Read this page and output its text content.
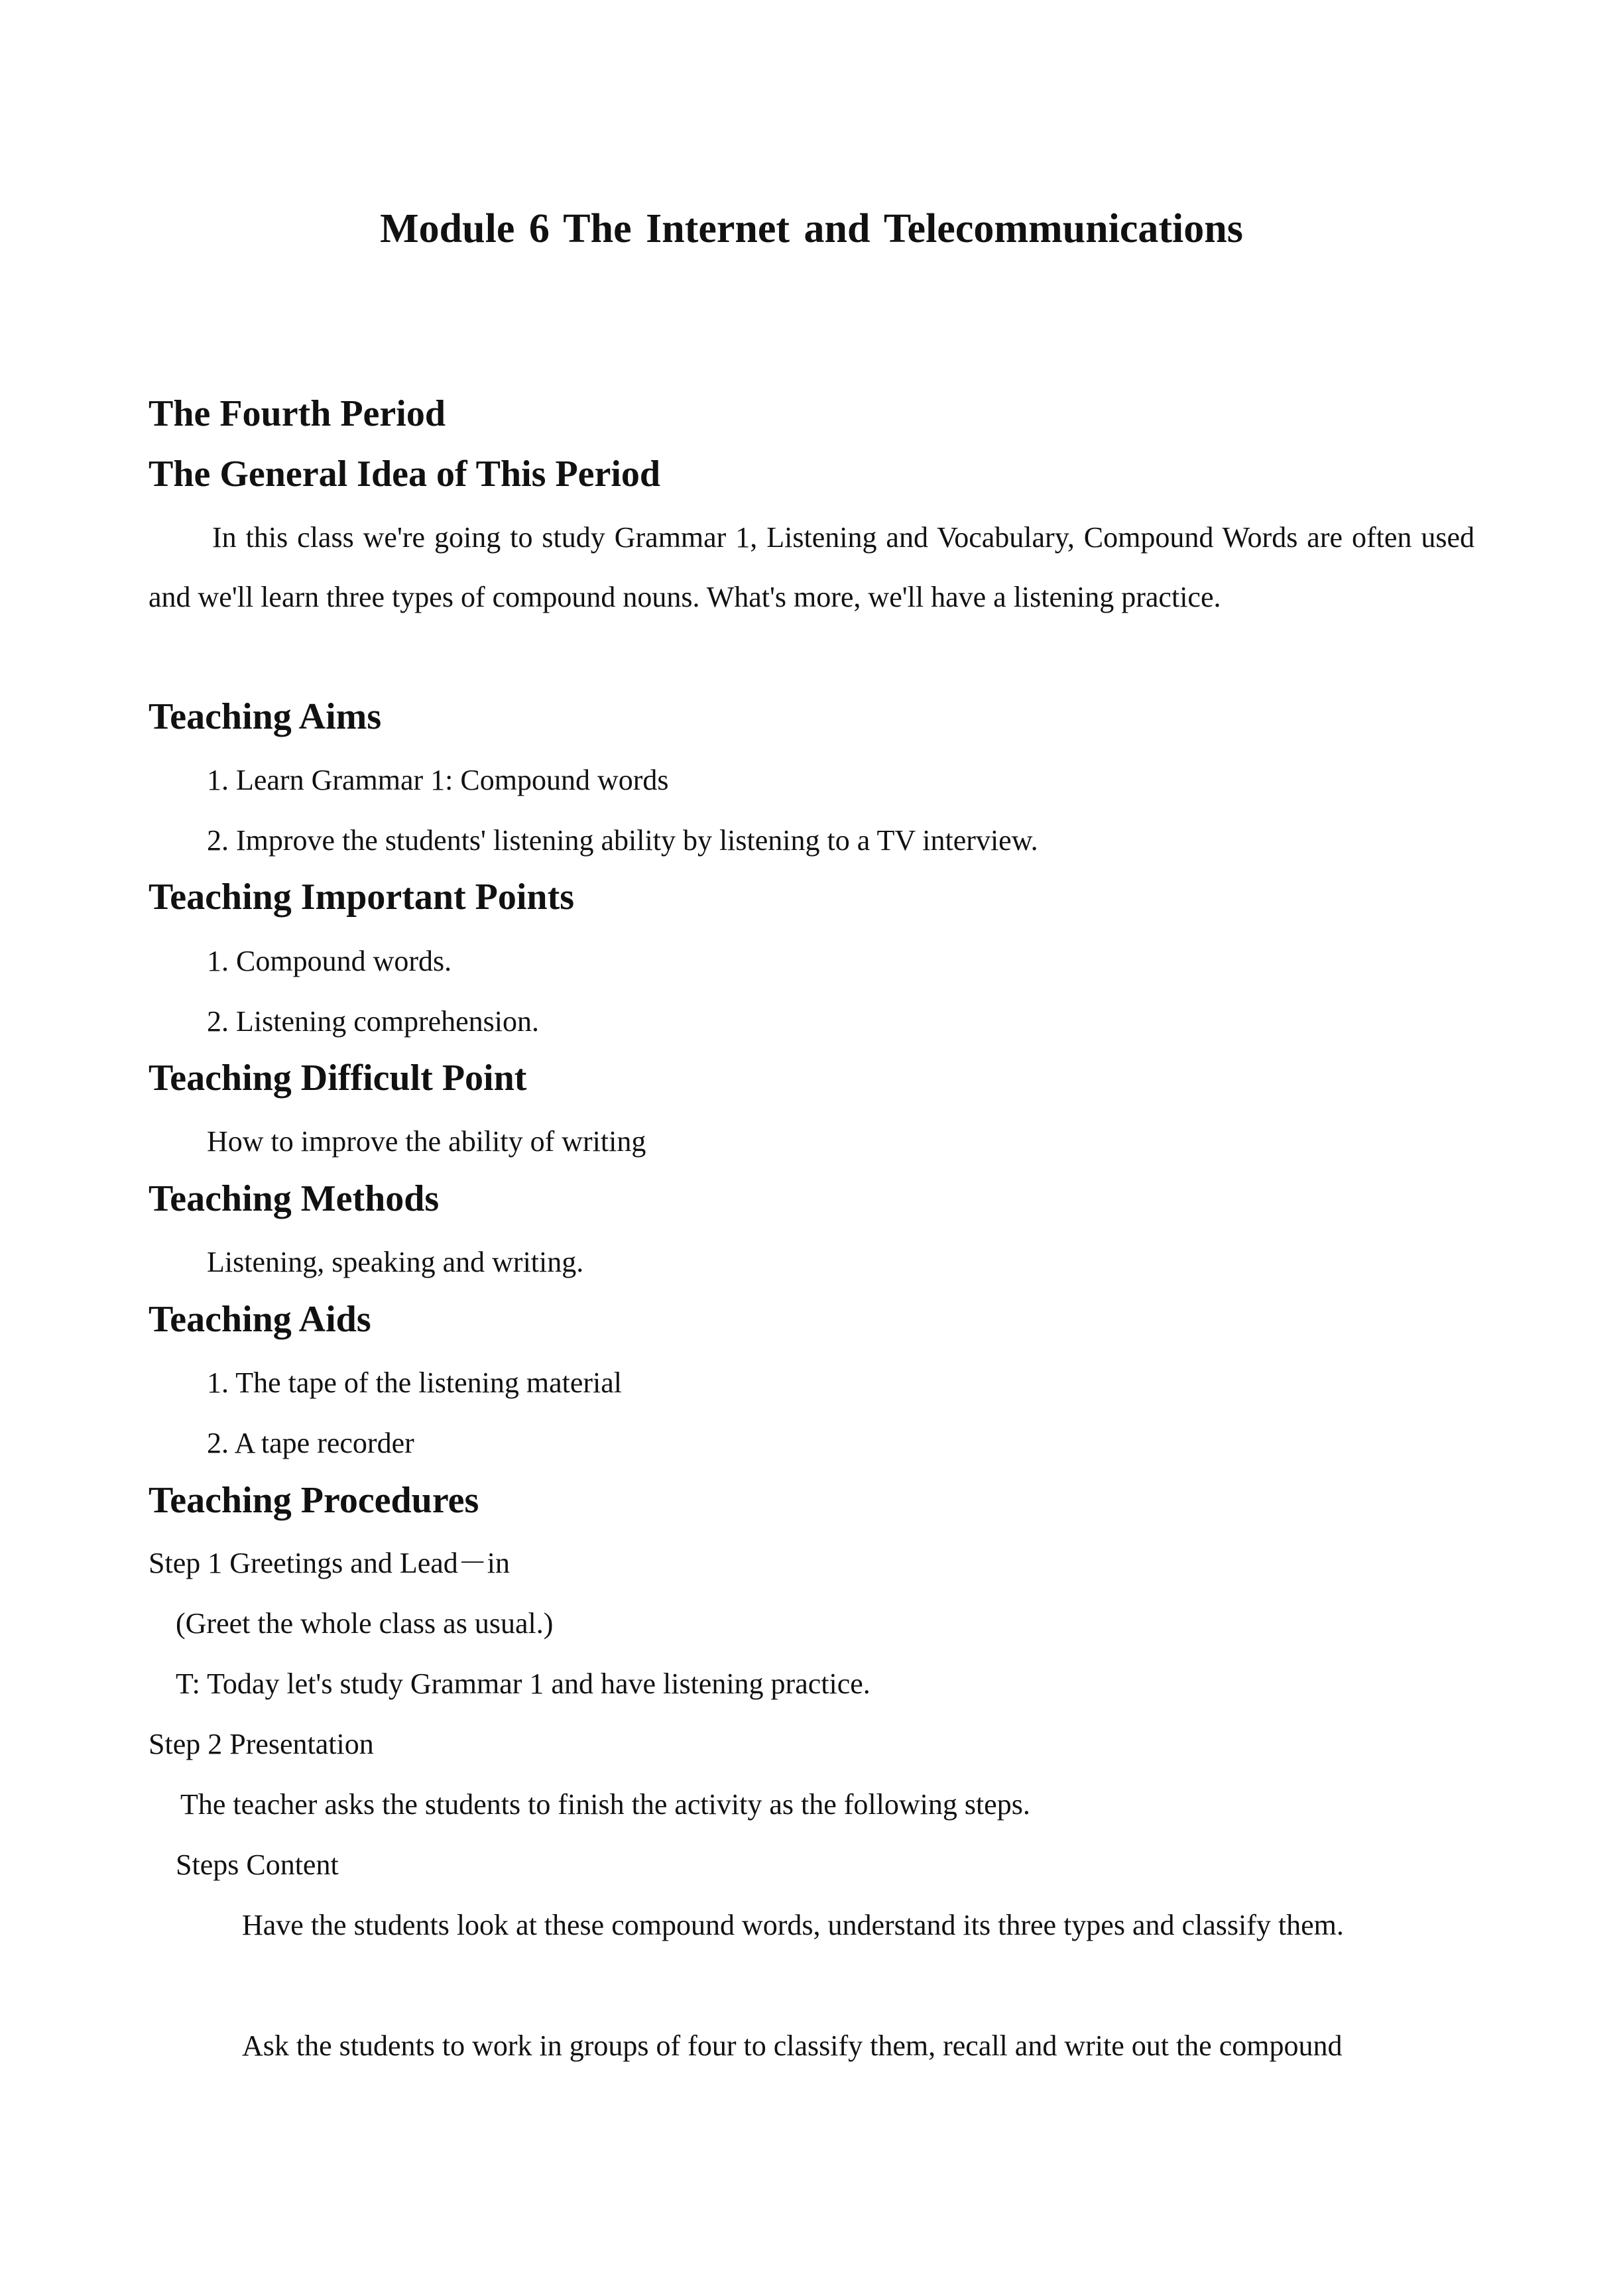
Module 6 The Internet and Telecommunications
The Fourth Period
The General Idea of This Period
In this class we're going to study Grammar 1, Listening and Vocabulary, Compound Words are often used and we'll learn three types of compound nouns. What's more, we'll have a listening practice.
Teaching Aims
1. Learn Grammar 1: Compound words
2. Improve the students' listening ability by listening to a TV interview.
Teaching Important Points
1. Compound words.
2. Listening comprehension.
Teaching Difficult Point
How to improve the ability of writing
Teaching Methods
Listening, speaking and writing.
Teaching Aids
1. The tape of the listening material
2. A tape recorder
Teaching Procedures
Step 1 Greetings and Lead－in
(Greet the whole class as usual.)
T: Today let's study Grammar 1 and have listening practice.
Step 2 Presentation
The teacher asks the students to finish the activity as the following steps.
Steps Content
Have the students look at these compound words, understand its three types and classify them.
Ask the students to work in groups of four to classify them, recall and write out the compound
